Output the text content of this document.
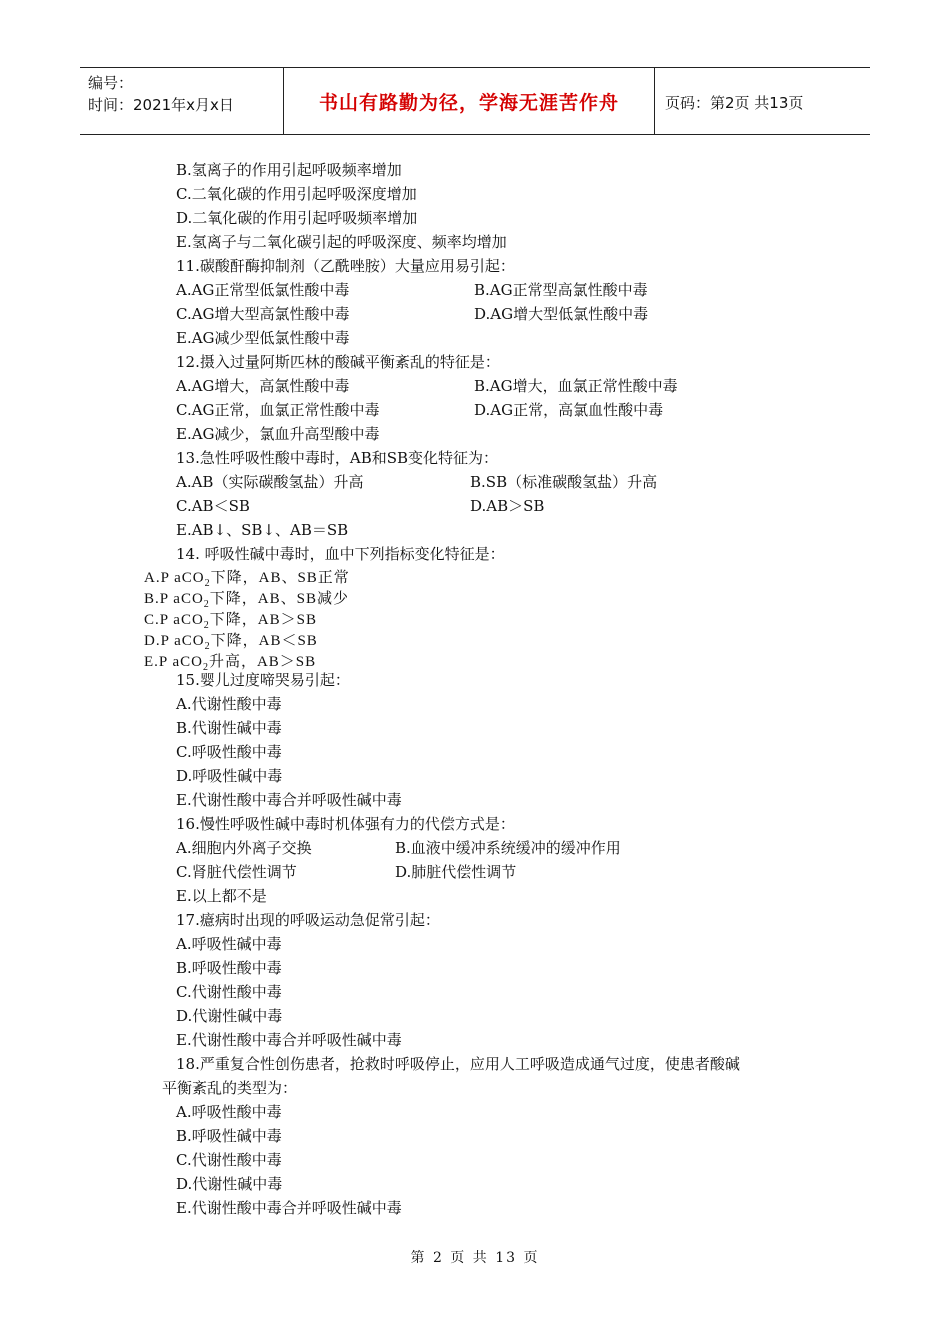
编号：
时间：2021年x月x日	书山有路勤为径，学海无涯苦作舟	页码：第2页 共13页
B.氢离子的作用引起呼吸频率增加
C.二氧化碳的作用引起呼吸深度增加
D.二氧化碳的作用引起呼吸频率增加
E.氢离子与二氧化碳引起的呼吸深度、频率均增加
11.碳酸酐酶抑制剂（乙酰唑胺）大量应用易引起：
A.AG正常型低氯性酸中毒	B.AG正常型高氯性酸中毒
C.AG增大型高氯性酸中毒	D.AG增大型低氯性酸中毒
E.AG减少型低氯性酸中毒
12.摄入过量阿斯匹林的酸碱平衡紊乱的特征是：
A.AG增大，高氯性酸中毒	B.AG增大，血氯正常性酸中毒
C.AG正常，血氯正常性酸中毒	D.AG正常，高氯血性酸中毒
E.AG减少，氯血升高型酸中毒
13.急性呼吸性酸中毒时，AB和SB变化特征为：
A.AB（实际碳酸氢盐）升高	B.SB（标准碳酸氢盐）升高
C.AB＜SB	D.AB＞SB
E.AB↓、SB↓、AB＝SB
14. 呼吸性碱中毒时，血中下列指标变化特征是：
A.P aCO$_2$下降，AB、SB正常
B.P aCO$_2$下降，AB、SB减少
C.P aCO$_2$下降，AB＞SB
D.P aCO$_2$下降，AB＜SB
E.P aCO$_2$升高，AB＞SB
15.婴儿过度啼哭易引起：
A.代谢性酸中毒
B.代谢性碱中毒
C.呼吸性酸中毒
D.呼吸性碱中毒
E.代谢性酸中毒合并呼吸性碱中毒
16.慢性呼吸性碱中毒时机体强有力的代偿方式是：
A.细胞内外离子交换	B.血液中缓冲系统缓冲的缓冲作用
C.肾脏代偿性调节	D.肺脏代偿性调节
E.以上都不是
17.癔病时出现的呼吸运动急促常引起：
A.呼吸性碱中毒
B.呼吸性酸中毒
C.代谢性酸中毒
D.代谢性碱中毒
E.代谢性酸中毒合并呼吸性碱中毒
18.严重复合性创伤患者，抢救时呼吸停止，应用人工呼吸造成通气过度，使患者酸碱
平衡紊乱的类型为：
A.呼吸性酸中毒
B.呼吸性碱中毒
C.代谢性酸中毒
D.代谢性碱中毒
E.代谢性酸中毒合并呼吸性碱中毒
第 2 页 共 13 页
